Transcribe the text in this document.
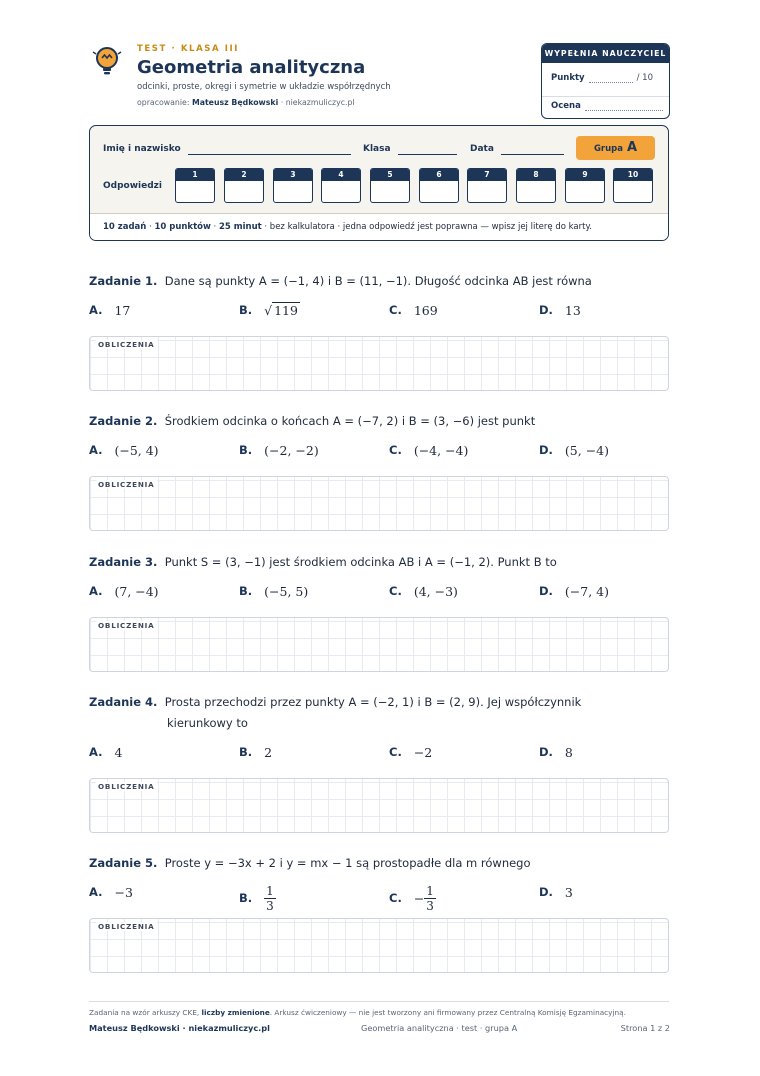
TEST · KLASA III
Geometria analityczna
odcinki, proste, okręgi i symetrie w układzie współrzędnych
opracowanie: Mateusz Będkowski · niekazmuliczyc.pl
WYPEŁNIA NAUCZYCIEL
Punkty	/ 10
Ocena
Imię i nazwisko	Klasa	Data	Grupa A
Odpowiedzi
1	2	3	4	5	6	7	8	9	10
10 zadań · 10 punktów · 25 minut · bez kalkulatora · jedna odpowiedź jest poprawna — wpisz jej literę do karty.
Zadanie 1. Dane są punkty A = (−1, 4) i B = (11, −1). Długość odcinka AB jest równa
A. 17	B. √ 119	C. 169	D. 13
OBLICZENIA
Zadanie 2. Środkiem odcinka o końcach A = (−7, 2) i B = (3, −6) jest punkt
A. (−5, 4)	B. (−2, −2)	C. (−4, −4)	D. (5, −4)
OBLICZENIA
Zadanie 3. Punkt S = (3, −1) jest środkiem odcinka AB i A = (−1, 2). Punkt B to
A. (7, −4)	B. (−5, 5)	C. (4, −3)	D. (−7, 4)
OBLICZENIA
Zadanie 4. Prosta przechodzi przez punkty A = (−2, 1) i B = (2, 9). Jej współczynnik
kierunkowy to
A. 4	B. 2	C. −2	D. 8
OBLICZENIA
Zadanie 5. Proste y = −3x + 2 i y = mx − 1 są prostopadłe dla m równego
A. −3	B. $\frac{1}{3}$	C. − $\frac{1}{3}$	D. 3
OBLICZENIA
Zadania na wzór arkuszy CKE, liczby zmienione. Arkusz ćwiczeniowy — nie jest tworzony ani firmowany przez Centralną Komisję Egzaminacyjną.
Mateusz Będkowski · niekazmuliczyc.pl	Geometria analityczna · test · grupa A	Strona 1 z 2
